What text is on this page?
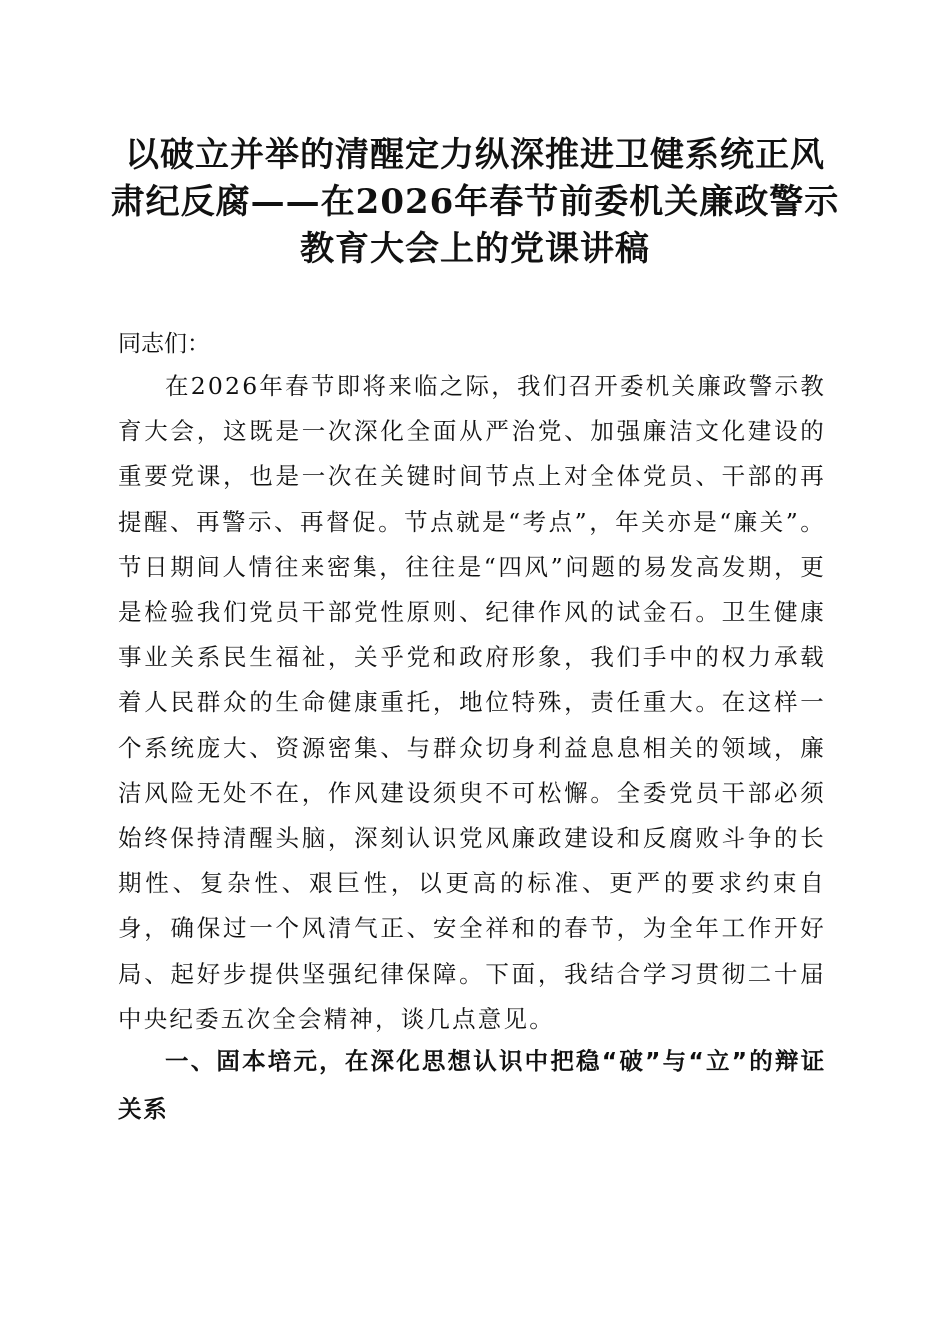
以破立并举的清醒定力纵深推进卫健系统正风肃纪反腐——在2026年春节前委机关廉政警示教育大会上的党课讲稿
同志们：
在2026年春节即将来临之际，我们召开委机关廉政警示教育大会，这既是一次深化全面从严治党、加强廉洁文化建设的重要党课，也是一次在关键时间节点上对全体党员、干部的再提醒、再警示、再督促。节点就是“考点”，年关亦是“廉关”。节日期间人情往来密集，往往是“四风”问题的易发高发期，更是检验我们党员干部党性原则、纪律作风的试金石。卫生健康事业关系民生福祉，关乎党和政府形象，我们手中的权力承载着人民群众的生命健康重托，地位特殊，责任重大。在这样一个系统庞大、资源密集、与群众切身利益息息相关的领域，廉洁风险无处不在，作风建设须臾不可松懈。全委党员干部必须始终保持清醒头脑，深刻认识党风廉政建设和反腐败斗争的长期性、复杂性、艰巨性，以更高的标准、更严的要求约束自身，确保过一个风清气正、安全祥和的春节，为全年工作开好局、起好步提供坚强纪律保障。下面，我结合学习贯彻二十届中央纪委五次全会精神，谈几点意见。
一、固本培元，在深化思想认识中把稳“破”与“立”的辩证关系
